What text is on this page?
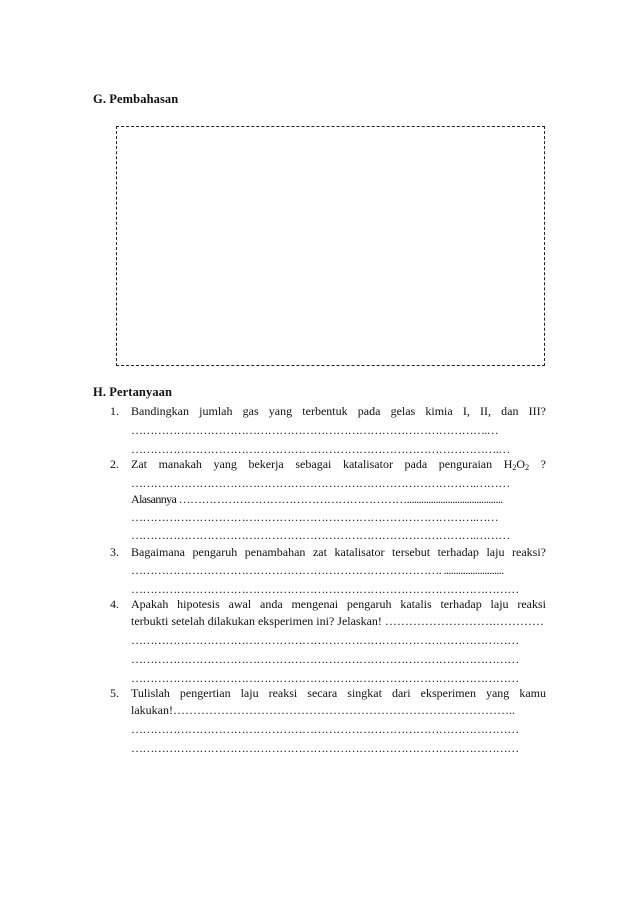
G. Pembahasan
H. Pertanyaan
1. Bandingkan jumlah gas yang terbentuk pada gelas kimia I, II, dan III?
………………………………………………………………………………….…
…………………………………………………………………………………….…
2. Zat manakah yang bekerja sebagai katalisator pada penguraian $H_2O_2$ ?
……………………………………………………………………………….………
Alasannya ……………………………………………………........................................
……………………………………………………………………………….……
……………………………………………………………………………….………
3. Bagaimana pengaruh penambahan zat katalisator tersebut terhadap laju reaksi?
………………………………………………………………………. .........................
…………………………………………………………………………………………
4. Apakah hipotesis awal anda mengenai pengaruh katalis terhadap laju reaksi
terbukti setelah dilakukan eksperimen ini? Jelaskan! ……………………….…………
…………………………………………………………………………………………
…………………………………………………………………………………………
…………………………………………………………………………………………
5. Tulislah pengertian laju reaksi secara singkat dari eksperimen yang kamu
lakukan!…………………………………………………………………………..
…………………………………………………………………………………………
…………………………………………………………………………………………
